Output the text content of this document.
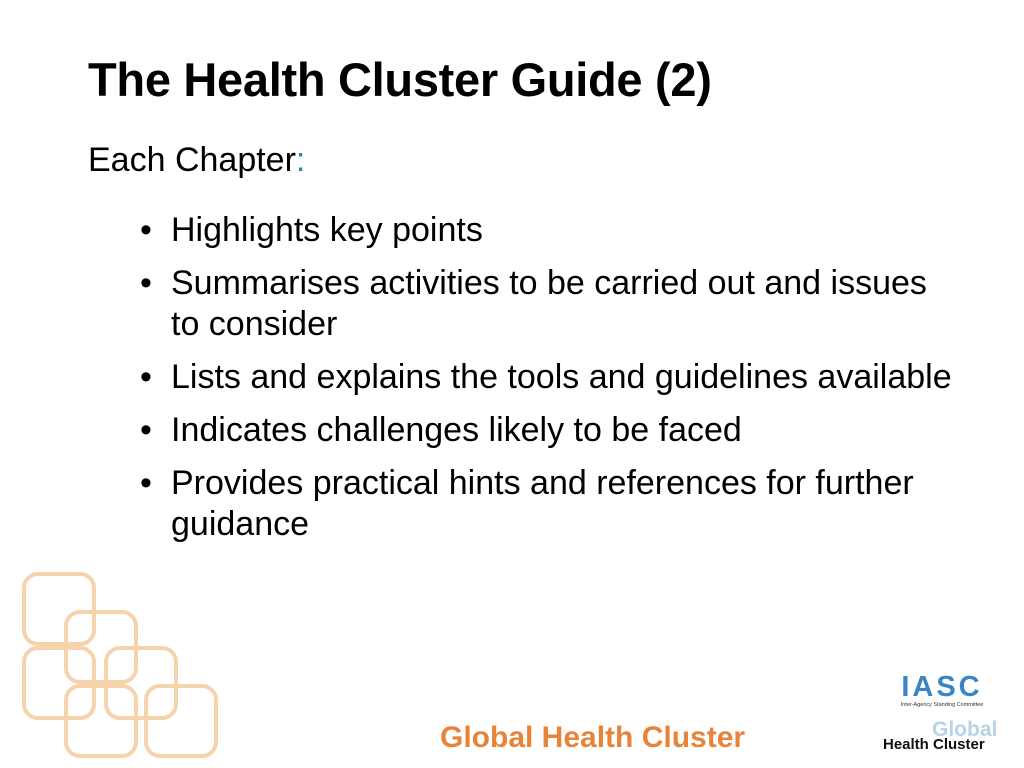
The Health Cluster Guide (2)

Each Chapter:

• Highlights key points
• Summarises activities to be carried out and issues to consider
• Lists and explains the tools and guidelines available
• Indicates challenges likely to be faced
• Provides practical hints and references for further guidance
IASC
Inter-Agency Standing Committee

Global Health Cluster	Global
Health Cluster
